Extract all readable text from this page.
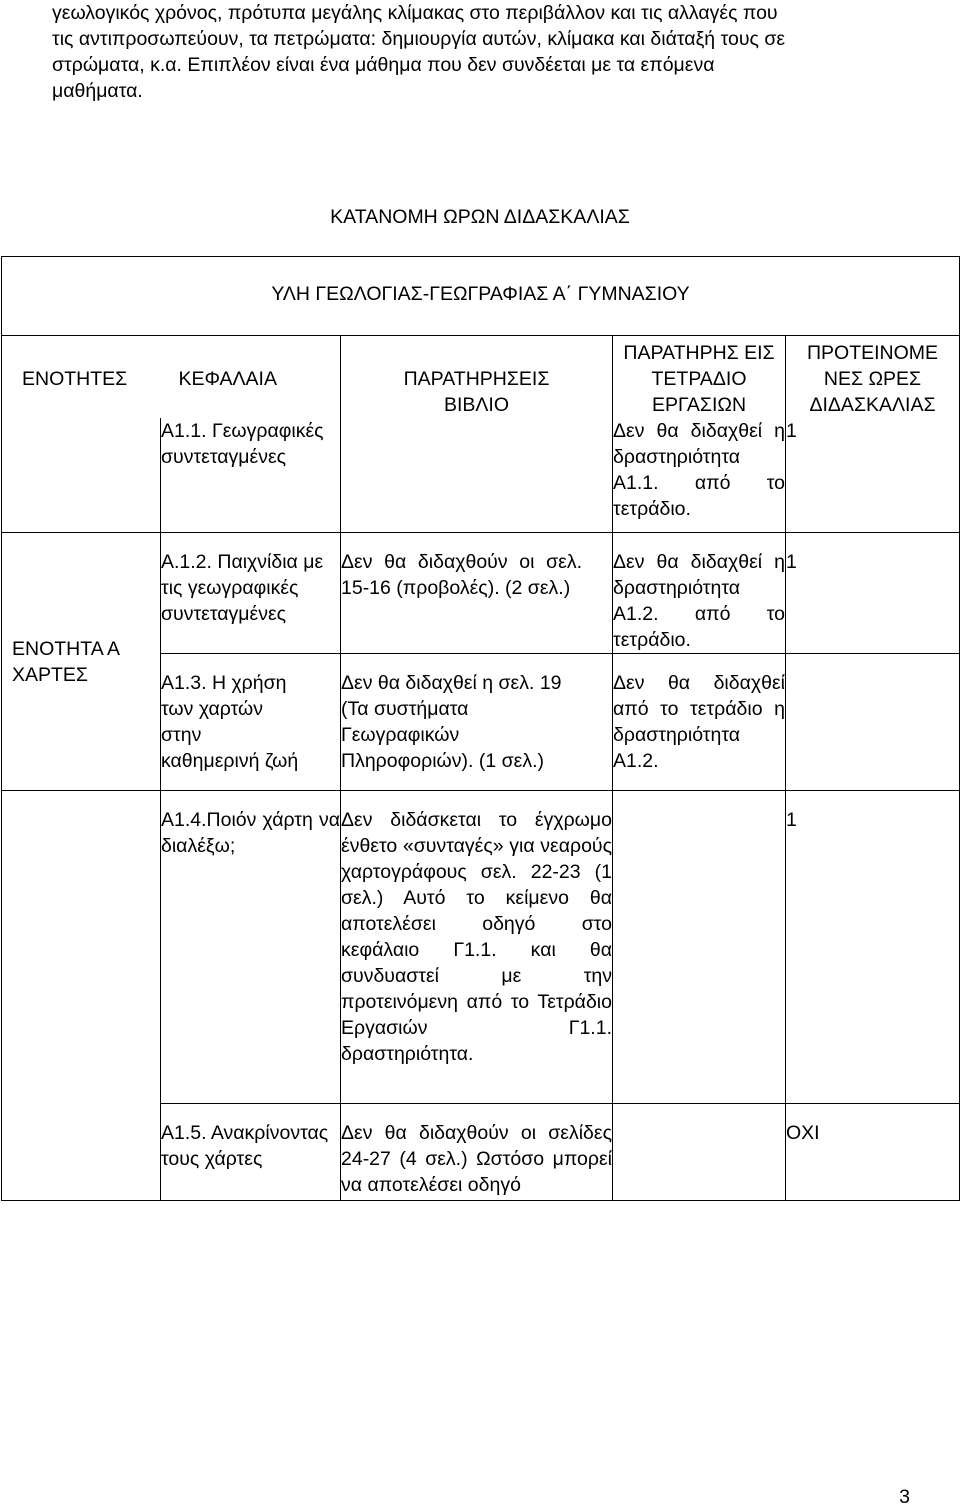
γεωλογικός χρόνος, πρότυπα μεγάλης κλίμακας στο περιβάλλον και τις αλλαγές που
τις αντιπροσωπεύουν, τα πετρώματα: δημιουργία αυτών, κλίμακα και διάταξή τους σε
στρώματα, κ.α. Επιπλέον είναι ένα μάθημα που δεν συνδέεται με τα επόμενα
μαθήματα.
ΚΑΤΑΝΟΜΗ ΩΡΩΝ ΔΙΔΑΣΚΑΛΙΑΣ
ΥΛΗ ΓΕΩΛΟΓΙΑΣ-ΓΕΩΓΡΑΦΙΑΣ Α΄ ΓΥΜΝΑΣΙΟΥ				

ΕΝΟΤΗΤΕΣ	ΚΕΦΑΛΑΙΑ	ΠΑΡΑΤΗΡΗΣΕΙΣ ΒΙΒΛΙΟ	ΠΑΡΑΤΗΡΗΣ ΕΙΣ ΤΕΤΡΑΔΙΟ ΕΡΓΑΣΙΩΝ	ΠΡΟΤΕΙΝΟΜΕ ΝΕΣ ΩΡΕΣ ΔΙΔΑΣΚΑΛΙΑΣ

	Α1.1. Γεωγραφικές συντεταγμένες		Δεν θα διδαχθεί η δραστηριότητα Α1.1. από το τετράδιο.	1

ΕΝΟΤΗΤΑ Α ΧΑΡΤΕΣ	Α.1.2. Παιχνίδια με τις γεωγραφικές συντεταγμένες	Δεν θα διδαχθούν οι σελ. 15-16 (προβολές). (2 σελ.)	Δεν θα διδαχθεί η δραστηριότητα Α1.2. από το τετράδιο.	1

	Α1.3. Η χρήση των χαρτών στην καθημερινή ζωή	Δεν θα διδαχθεί η σελ. 19 (Τα συστήματα Γεωγραφικών Πληροφοριών). (1 σελ.)	Δεν θα διδαχθεί από το τετράδιο η δραστηριότητα Α1.2.	

	Α1.4.Ποιόν χάρτη να διαλέξω;	Δεν διδάσκεται το έγχρωμο ένθετο «συνταγές» για νεαρούς χαρτογράφους σελ. 22-23 (1 σελ.) Αυτό το κείμενο θα αποτελέσει οδηγό στο κεφάλαιο Γ1.1. και θα συνδυαστεί με την προτεινόμενη από το Τετράδιο Εργασιών Γ1.1. δραστηριότητα.		1

	Α1.5. Ανακρίνοντας τους χάρτες	Δεν θα διδαχθούν οι σελίδες 24-27 (4 σελ.) Ωστόσο μπορεί να αποτελέσει οδηγό		ΟΧΙ
3
